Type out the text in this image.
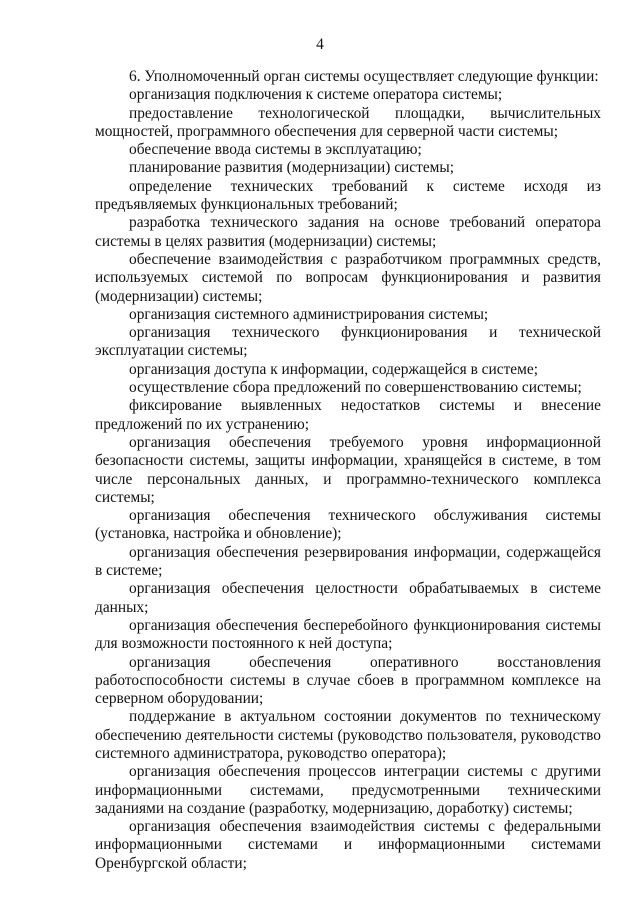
4

6. Уполномоченный орган системы осуществляет следующие функции:

организация подключения к системе оператора системы;

предоставление технологической площадки, вычислительных мощностей, программного обеспечения для серверной части системы;

обеспечение ввода системы в эксплуатацию;

планирование развития (модернизации) системы;

определение технических требований к системе исходя из предъявляемых функциональных требований;

разработка технического задания на основе требований оператора системы в целях развития (модернизации) системы;

обеспечение взаимодействия с разработчиком программных средств, используемых системой по вопросам функционирования и развития (модернизации) системы;

организация системного администрирования системы;

организация технического функционирования и технической эксплуатации системы;

организация доступа к информации, содержащейся в системе;

осуществление сбора предложений по совершенствованию системы;

фиксирование выявленных недостатков системы и внесение предложений по их устранению;

организация обеспечения требуемого уровня информационной безопасности системы, защиты информации, хранящейся в системе, в том числе персональных данных, и программно-технического комплекса системы;

организация обеспечения технического обслуживания системы (установка, настройка и обновление);

организация обеспечения резервирования информации, содержащейся в системе;

организация обеспечения целостности обрабатываемых в системе данных;

организация обеспечения бесперебойного функционирования системы для возможности постоянного к ней доступа;

организация обеспечения оперативного восстановления работоспособности системы в случае сбоев в программном комплексе на серверном оборудовании;

поддержание в актуальном состоянии документов по техническому обеспечению деятельности системы (руководство пользователя, руководство системного администратора, руководство оператора);

организация обеспечения процессов интеграции системы с другими информационными системами, предусмотренными техническими заданиями на создание (разработку, модернизацию, доработку) системы;

организация обеспечения взаимодействия системы с федеральными информационными системами и информационными системами Оренбургской области;
